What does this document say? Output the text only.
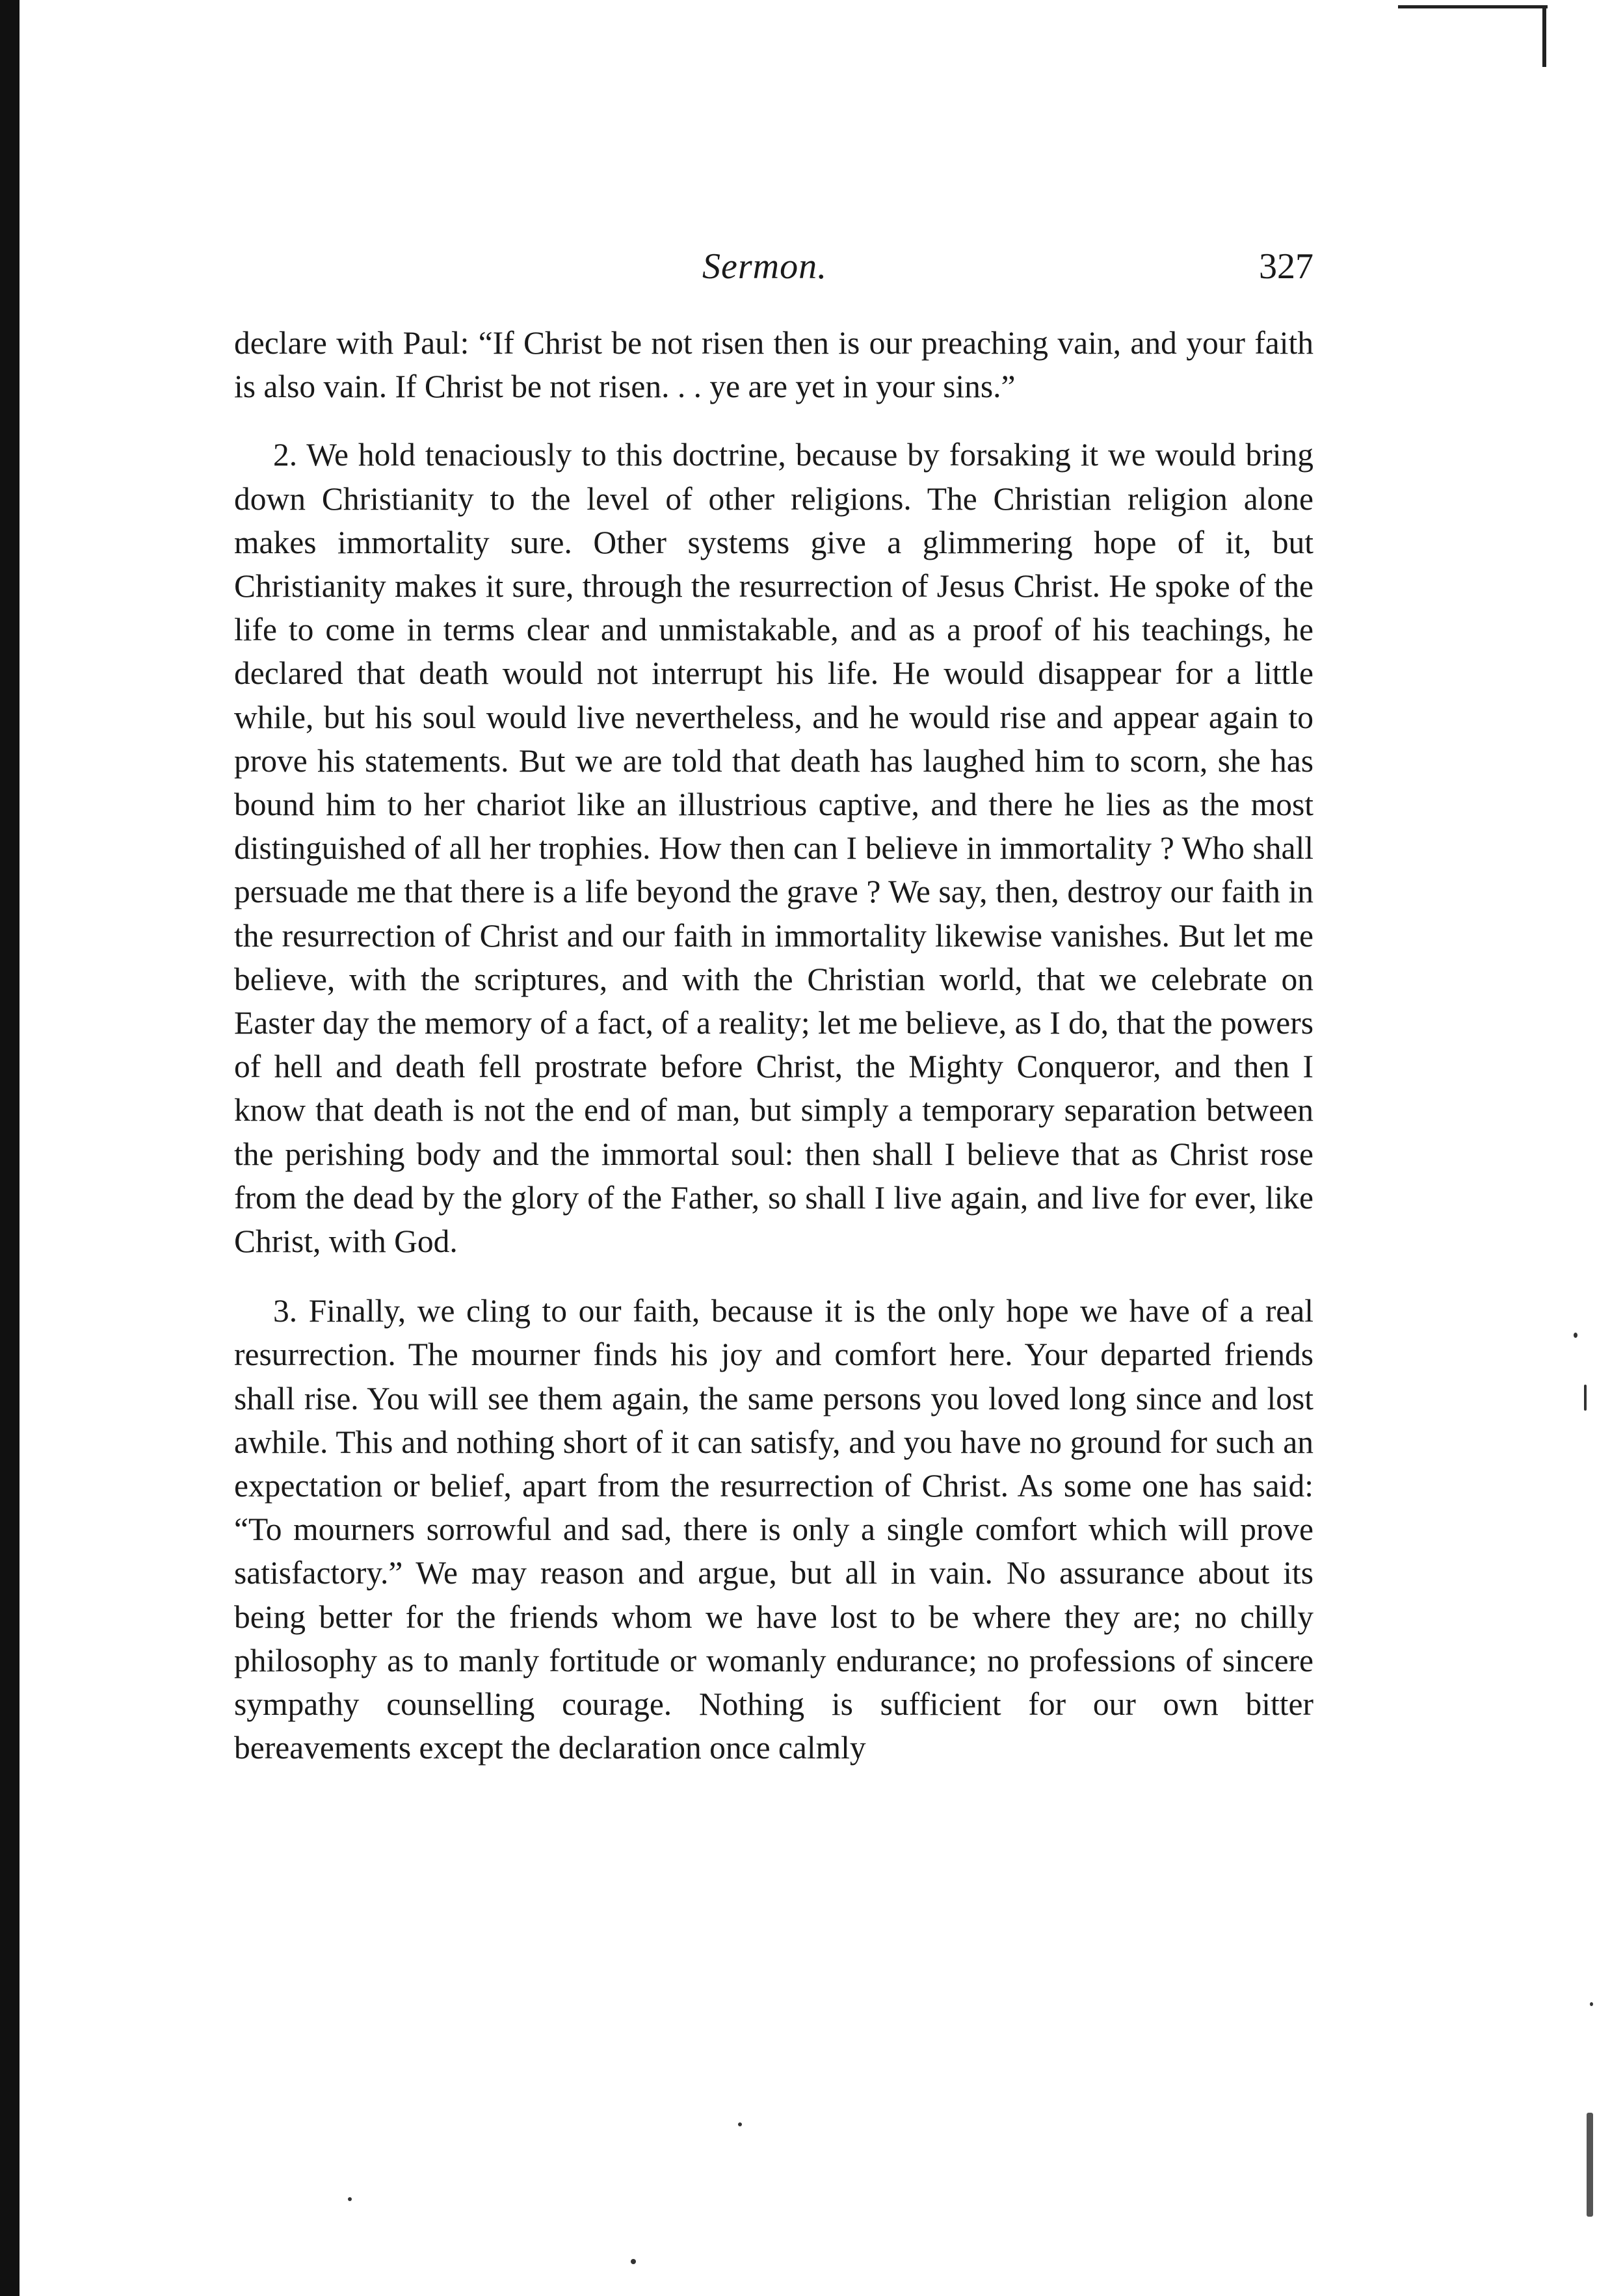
Sermon.	327

declare with Paul: “If Christ be not risen then is our preaching vain, and your faith is also vain. If Christ be not risen. . . ye are yet in your sins.”

2. We hold tenaciously to this doctrine, because by forsaking it we would bring down Christianity to the level of other religions. The Christian religion alone makes immortality sure. Other systems give a glimmering hope of it, but Christianity makes it sure, through the resurrection of Jesus Christ. He spoke of the life to come in terms clear and unmistakable, and as a proof of his teachings, he declared that death would not interrupt his life. He would disappear for a little while, but his soul would live nevertheless, and he would rise and appear again to prove his statements. But we are told that death has laughed him to scorn, she has bound him to her chariot like an illustrious captive, and there he lies as the most distinguished of all her trophies. How then can I believe in immortality ? Who shall persuade me that there is a life beyond the grave ? We say, then, destroy our faith in the resurrection of Christ and our faith in immortality likewise vanishes. But let me believe, with the scriptures, and with the Christian world, that we celebrate on Easter day the memory of a fact, of a reality; let me believe, as I do, that the powers of hell and death fell prostrate before Christ, the Mighty Conqueror, and then I know that death is not the end of man, but simply a temporary separation between the perishing body and the immortal soul: then shall I believe that as Christ rose from the dead by the glory of the Father, so shall I live again, and live for ever, like Christ, with God.

3. Finally, we cling to our faith, because it is the only hope we have of a real resurrection. The mourner finds his joy and comfort here. Your departed friends shall rise. You will see them again, the same persons you loved long since and lost awhile. This and nothing short of it can satisfy, and you have no ground for such an expectation or belief, apart from the resurrection of Christ. As some one has said: “To mourners sorrowful and sad, there is only a single comfort which will prove satisfactory.” We may reason and argue, but all in vain. No assurance about its being better for the friends whom we have lost to be where they are; no chilly philosophy as to manly fortitude or womanly endurance; no professions of sincere sympathy counselling courage. Nothing is sufficient for our own bitter bereavements except the declaration once calmly
